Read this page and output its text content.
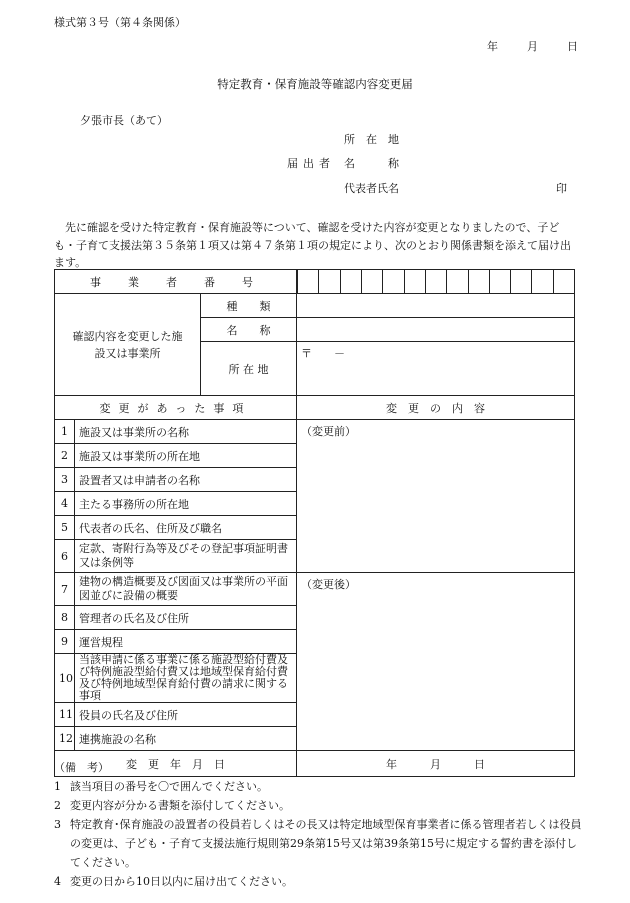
様式第３号（第４条関係）
年	月	日
特定教育・保育施設等確認内容変更届
夕張市長（あて）
所　在　地
届出者 名　　　称
代表者氏名	印
　先に確認を受けた特定教育・保育施設等について、確認を受けた内容が変更となりましたので、子ども・子育て支援法第３５条第１項又は第４７条第１項の規定により、次のとおり関係書類を添えて届け出ます。
事　業　者　番　号			

確認内容を変更した施設又は事業所		種　　類	
		名　　称	
		所 在 地	〒　　－
変更があった事項			変　更　の　内　容
1	施設又は事業所の名称		（変更前）
2	施設又は事業所の所在地		
3	設置者又は申請者の名称		
4	主たる事務所の所在地		
5	代表者の氏名、住所及び職名		
6	定款、寄附行為等及びその登記事項証明書又は条例等		
7	建物の構造概要及び図面又は事業所の平面図並びに設備の概要		（変更後）
8	管理者の氏名及び住所		
9	運営規程		
10	当該申請に係る事業に係る施設型給付費及び特例施設型給付費又は地域型保育給付費及び特例地域型保育給付費の請求に関する事項		
11	役員の氏名及び住所		
12	連携施設の名称		
変　更　年　月　日			年　　　月　　　日
（備　考）
1 該当項目の番号を〇で囲んでください。
2 変更内容が分かる書類を添付してください。
3 特定教育･保育施設の設置者の役員若しくはその長又は特定地域型保育事業者に係る管理者若しくは役員の変更は、子ども・子育て支援法施行規則第29条第15号又は第39条第15号に規定する誓約書を添付してください。
4 変更の日から10日以内に届け出てください。
